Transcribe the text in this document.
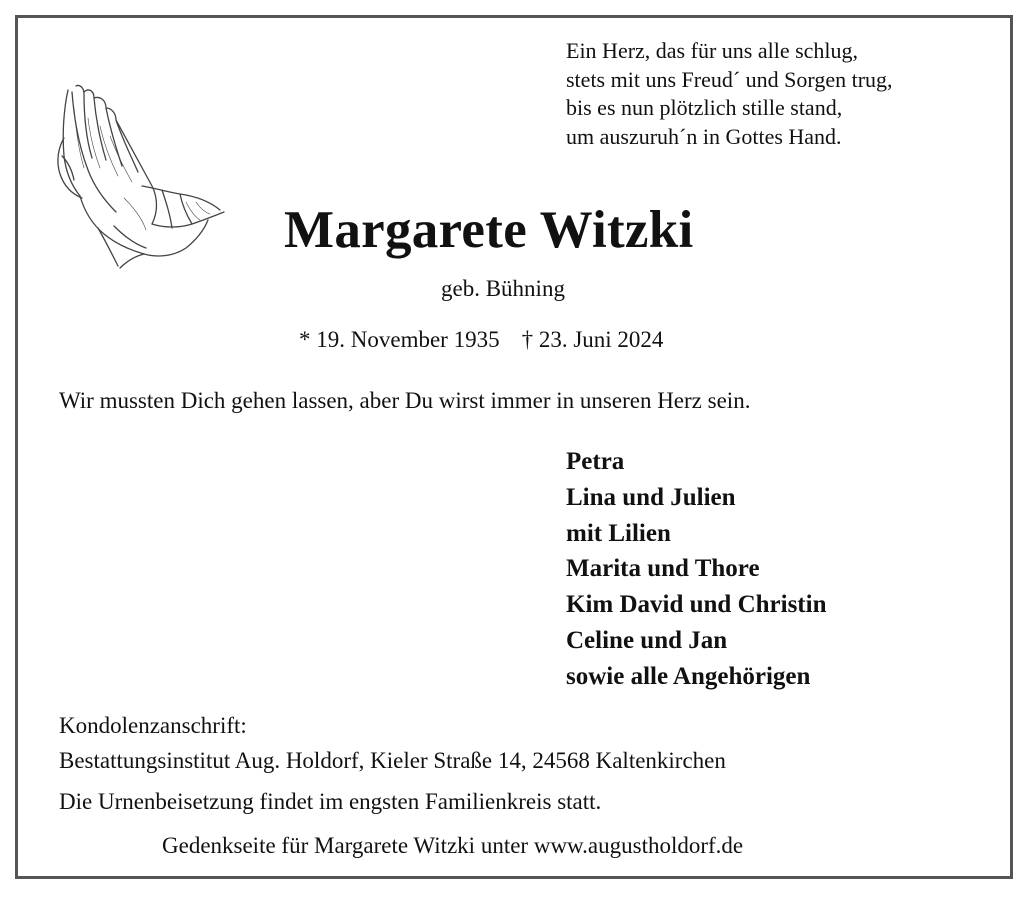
Ein Herz, das für uns alle schlug,
stets mit uns Freud´ und Sorgen trug,
bis es nun plötzlich stille stand,
um auszuruh´n in Gottes Hand.
Margarete Witzki
geb. Bühning
* 19. November 1935 † 23. Juni 2024
Wir mussten Dich gehen lassen, aber Du wirst immer in unseren Herz sein.
Petra
Lina und Julien
mit Lilien
Marita und Thore
Kim David und Christin
Celine und Jan
sowie alle Angehörigen
Kondolenzanschrift:
Bestattungsinstitut Aug. Holdorf, Kieler Straße 14, 24568 Kaltenkirchen
Die Urnenbeisetzung findet im engsten Familienkreis statt.
Gedenkseite für Margarete Witzki unter www.augustholdorf.de
